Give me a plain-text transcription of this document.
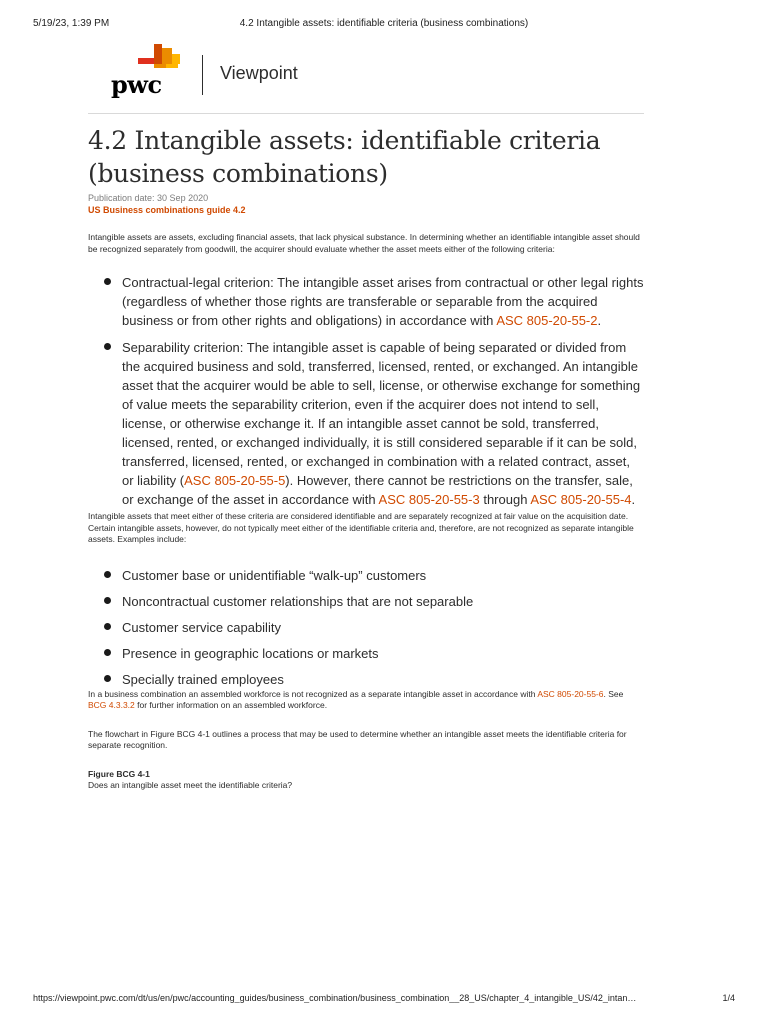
5/19/23, 1:39 PM	4.2 Intangible assets: identifiable criteria (business combinations)
pwc	Viewpoint
4.2 Intangible assets: identifiable criteria (business combinations)
Publication date: 30 Sep 2020
US Business combinations guide 4.2

Intangible assets are assets, excluding financial assets, that lack physical substance. In determining whether an identifiable intangible asset should be recognized separately from goodwill, the acquirer should evaluate whether the asset meets either of the following criteria:

Contractual-legal criterion: The intangible asset arises from contractual or other legal rights (regardless of whether those rights are transferable or separable from the acquired business or from other rights and obligations) in accordance with ASC 805-20-55-2.
Separability criterion: The intangible asset is capable of being separated or divided from the acquired business and sold, transferred, licensed, rented, or exchanged. An intangible asset that the acquirer would be able to sell, license, or otherwise exchange for something of value meets the separability criterion, even if the acquirer does not intend to sell, license, or otherwise exchange it. If an intangible asset cannot be sold, transferred, licensed, rented, or exchanged individually, it is still considered separable if it can be sold, transferred, licensed, rented, or exchanged in combination with a related contract, asset, or liability (ASC 805-20-55-5). However, there cannot be restrictions on the transfer, sale, or exchange of the asset in accordance with ASC 805-20-55-3 through ASC 805-20-55-4.

Intangible assets that meet either of these criteria are considered identifiable and are separately recognized at fair value on the acquisition date. Certain intangible assets, however, do not typically meet either of the identifiable criteria and, therefore, are not recognized as separate intangible assets. Examples include:

Customer base or unidentifiable “walk-up” customers
Noncontractual customer relationships that are not separable
Customer service capability
Presence in geographic locations or markets
Specially trained employees

In a business combination an assembled workforce is not recognized as a separate intangible asset in accordance with ASC 805-20-55-6. See BCG 4.3.3.2 for further information on an assembled workforce.

The flowchart in Figure BCG 4-1 outlines a process that may be used to determine whether an intangible asset meets the identifiable criteria for separate recognition.

Figure BCG 4-1
Does an intangible asset meet the identifiable criteria?
https://viewpoint.pwc.com/dt/us/en/pwc/accounting_guides/business_combination/business_combination__28_US/chapter_4_intangible_US/42_intan…	1/4
